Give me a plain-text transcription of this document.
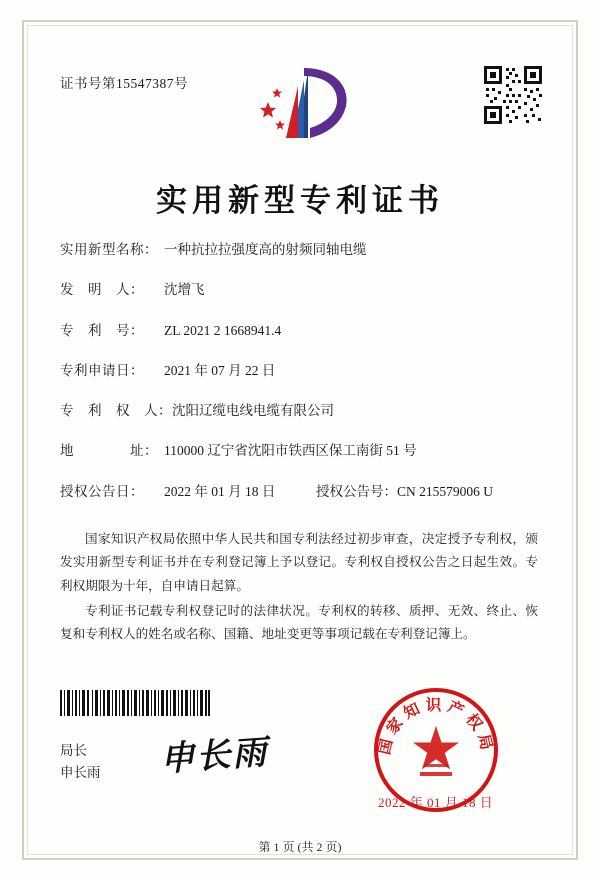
证书号第15547387号
实用新型专利证书
实用新型名称： 一种抗拉拉强度高的射频同轴电缆
发　明　人： 沈增飞
专　利　号： ZL 2021 2 1668941.4
专利申请日： 2021 年 07 月 22 日
专　利　权　人：沈阳辽缆电线电缆有限公司
地　　　　址： 110000 辽宁省沈阳市铁西区保工南街 51 号
授权公告日： 2022 年 01 月 18 日	授权公告号：CN 215579006 U

国家知识产权局依照中华人民共和国专利法经过初步审查，决定授予专利权，颁发实用新型专利证书并在专利登记簿上予以登记。专利权自授权公告之日起生效。专利权期限为十年，自申请日起算。

专利证书记载专利权登记时的法律状况。专利权的转移、质押、无效、终止、恢复和专利权人的姓名或名称、国籍、地址变更等事项记载在专利登记簿上。

局长
申长雨 申长雨	国家知识产权局
2022 年 01 月 18 日
第 1 页 (共 2 页)
